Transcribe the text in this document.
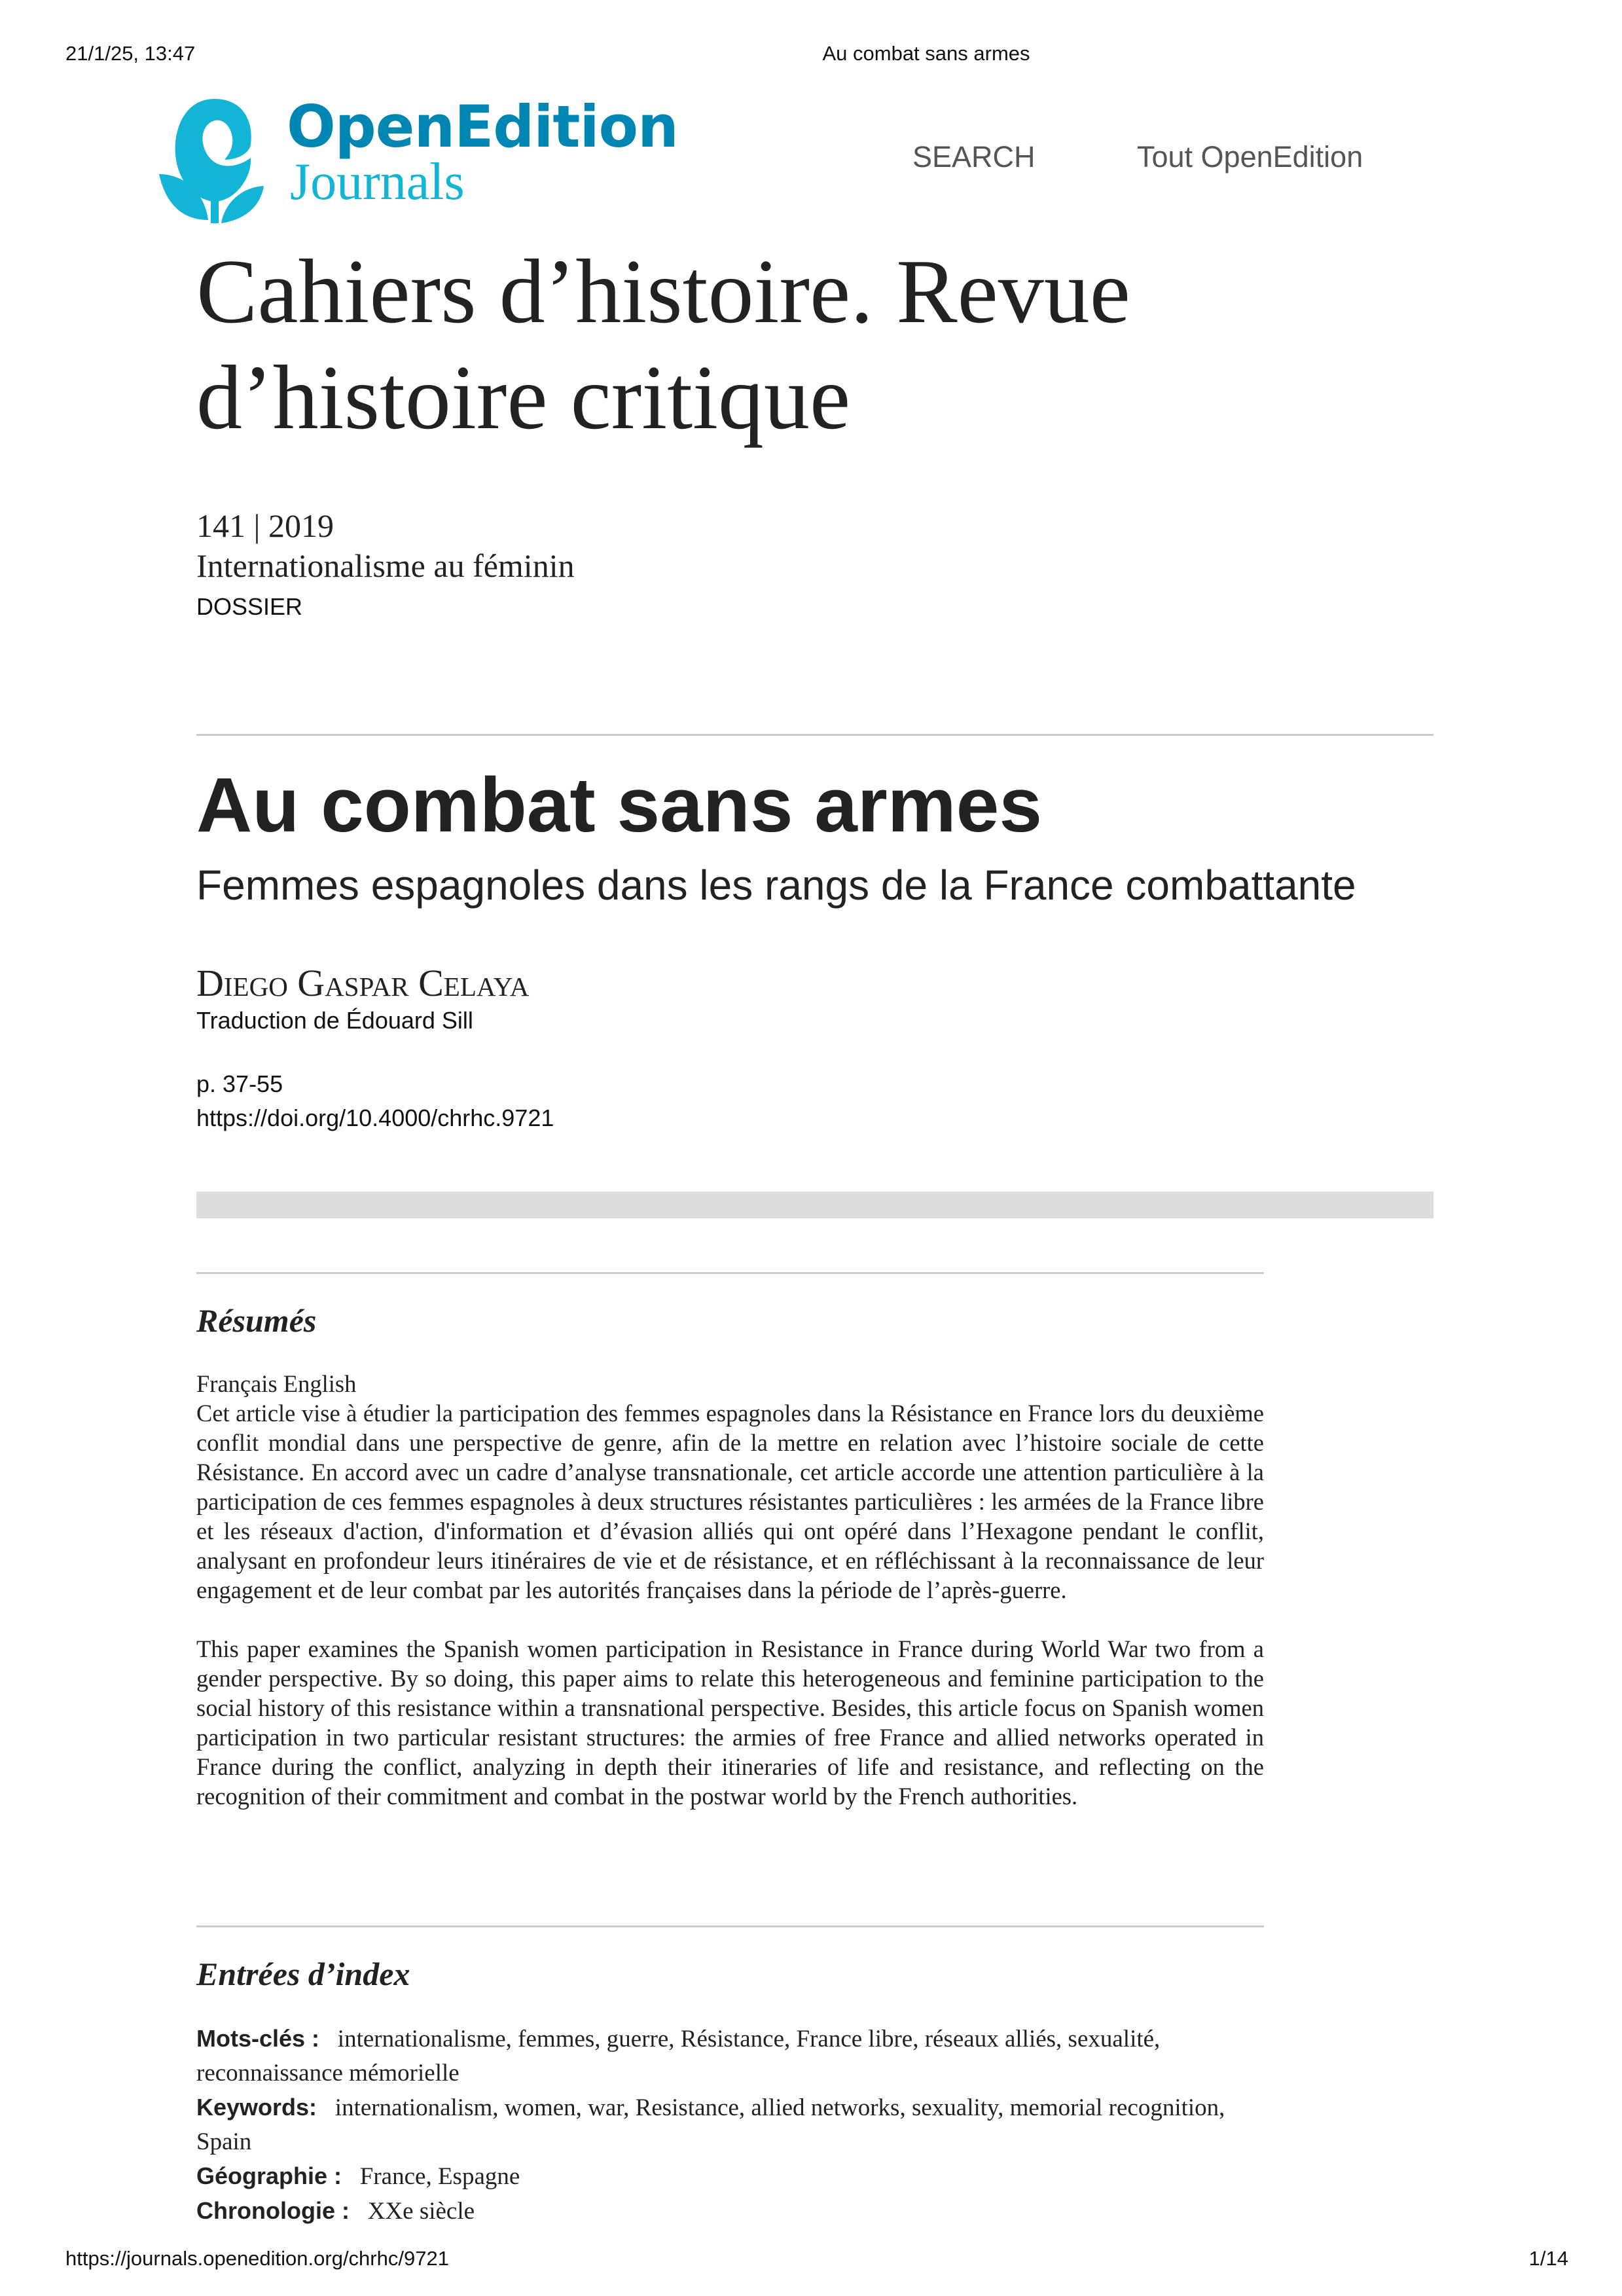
21/1/25, 13:47	Au combat sans armes
OpenEdition
Journals	SEARCH	Tout OpenEdition
Cahiers d’histoire. Revue
d’histoire critique
141 | 2019
Internationalisme au féminin
DOSSIER
Au combat sans armes
Femmes espagnoles dans les rangs de la France combattante
Diego Gaspar Celaya
Traduction de Édouard Sill
p. 37-55
https://doi.org/10.4000/chrhc.9721
Résumés
Français English
Cet article vise à étudier la participation des femmes espagnoles dans la Résistance en France lors du deuxième conflit mondial dans une perspective de genre, afin de la mettre en relation avec l’histoire sociale de cette Résistance. En accord avec un cadre d’analyse transnationale, cet article accorde une attention particulière à la participation de ces femmes espagnoles à deux structures résistantes particulières : les armées de la France libre et les réseaux d'action, d'information et d’évasion alliés qui ont opéré dans l’Hexagone pendant le conflit, analysant en profondeur leurs itinéraires de vie et de résistance, et en réfléchissant à la reconnaissance de leur engagement et de leur combat par les autorités françaises dans la période de l’après-guerre.
This paper examines the Spanish women participation in Resistance in France during World War two from a gender perspective. By so doing, this paper aims to relate this heterogeneous and feminine participation to the social history of this resistance within a transnational perspective. Besides, this article focus on Spanish women participation in two particular resistant structures: the armies of free France and allied networks operated in France during the conflict, analyzing in depth their itineraries of life and resistance, and reflecting on the recognition of their commitment and combat in the postwar world by the French authorities.
Entrées d’index
Mots-clés : internationalisme, femmes, guerre, Résistance, France libre, réseaux alliés, sexualité, reconnaissance mémorielle
Keywords: internationalism, women, war, Resistance, allied networks, sexuality, memorial recognition, Spain
Géographie : France, Espagne
Chronologie : XXe siècle
https://journals.openedition.org/chrhc/9721	1/14
